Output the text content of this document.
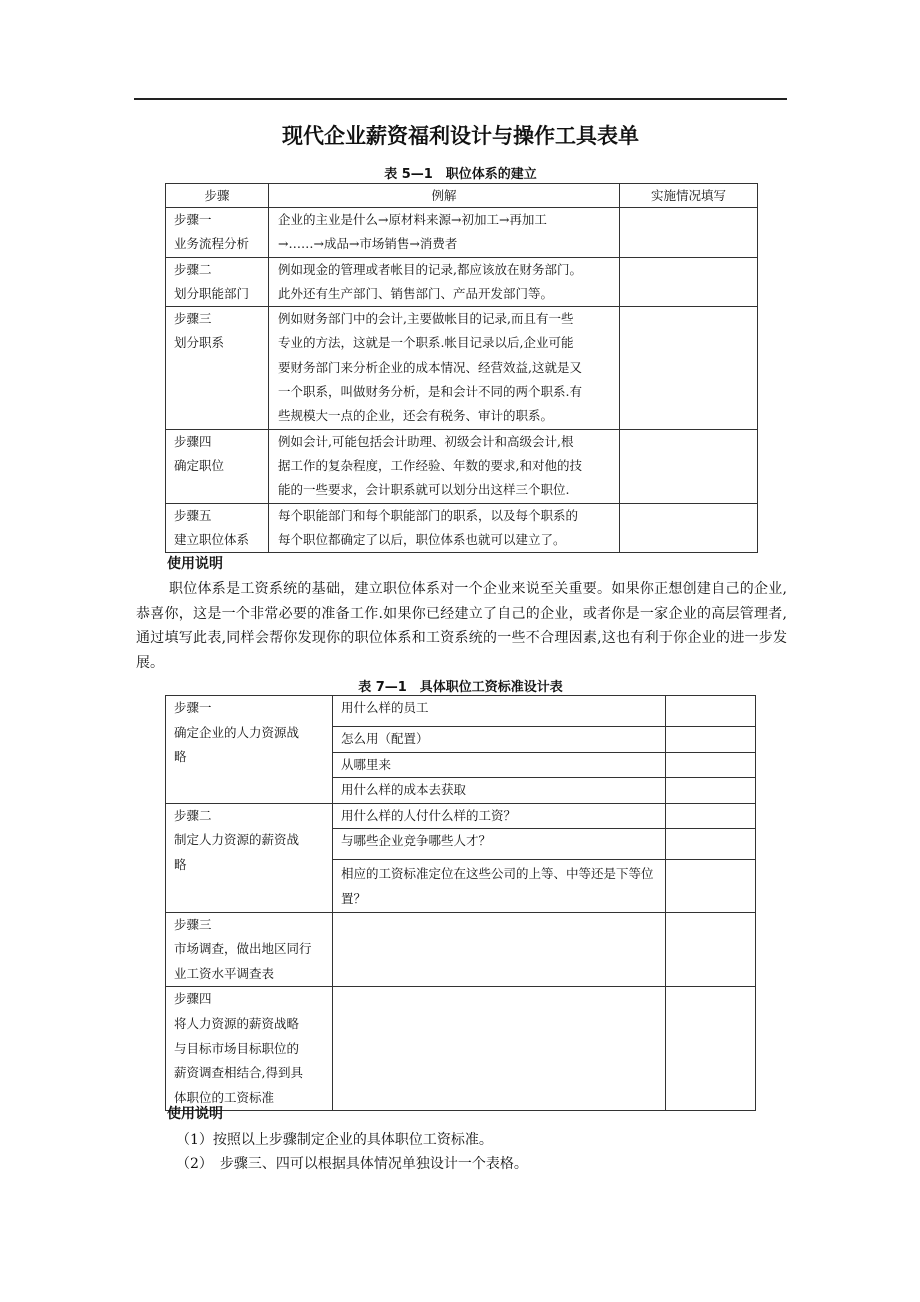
现代企业薪资福利设计与操作工具表单
表 5—1　职位体系的建立
步骤	例解	实施情况填写

步骤一
业务流程分析	企业的主业是什么→原材料来源→初加工→再加工
→……→成品→市场销售→消费者	

步骤二
划分职能部门	例如现金的管理或者帐目的记录,都应该放在财务部门。
此外还有生产部门、销售部门、产品开发部门等。	

步骤三
划分职系	例如财务部门中的会计,主要做帐目的记录,而且有一些
专业的方法，这就是一个职系.帐目记录以后,企业可能
要财务部门来分析企业的成本情况、经营效益,这就是又
一个职系，叫做财务分析，是和会计不同的两个职系.有
些规模大一点的企业，还会有税务、审计的职系。	

步骤四
确定职位	例如会计,可能包括会计助理、初级会计和高级会计,根
据工作的复杂程度，工作经验、年数的要求,和对他的技
能的一些要求，会计职系就可以划分出这样三个职位.	

步骤五
建立职位体系	每个职能部门和每个职能部门的职系，以及每个职系的
每个职位都确定了以后，职位体系也就可以建立了。	

使用说明
职位体系是工资系统的基础，建立职位体系对一个企业来说至关重要。如果你正想创建自己的企业,恭喜你，这是一个非常必要的准备工作.如果你已经建立了自己的企业，或者你是一家企业的高层管理者,通过填写此表,同样会帮你发现你的职位体系和工资系统的一些不合理因素,这也有利于你企业的进一步发展。
表 7—1　具体职位工资标准设计表
步骤一
确定企业的人力资源战
略	用什么样的员工	
	怎么用（配置）	
	从哪里来	
	用什么样的成本去获取	

步骤二
制定人力资源的薪资战
略	用什么样的人付什么样的工资？	
	与哪些企业竞争哪些人才？	
	相应的工资标准定位在这些公司的上等、中等还是下等位置？	

步骤三
市场调查，做出地区同行
业工资水平调查表		

步骤四
将人力资源的薪资战略
与目标市场目标职位的
薪资调查相结合,得到具
体职位的工资标准		

使用说明
（1）按照以上步骤制定企业的具体职位工资标准。
（2）　步骤三、四可以根据具体情况单独设计一个表格。
